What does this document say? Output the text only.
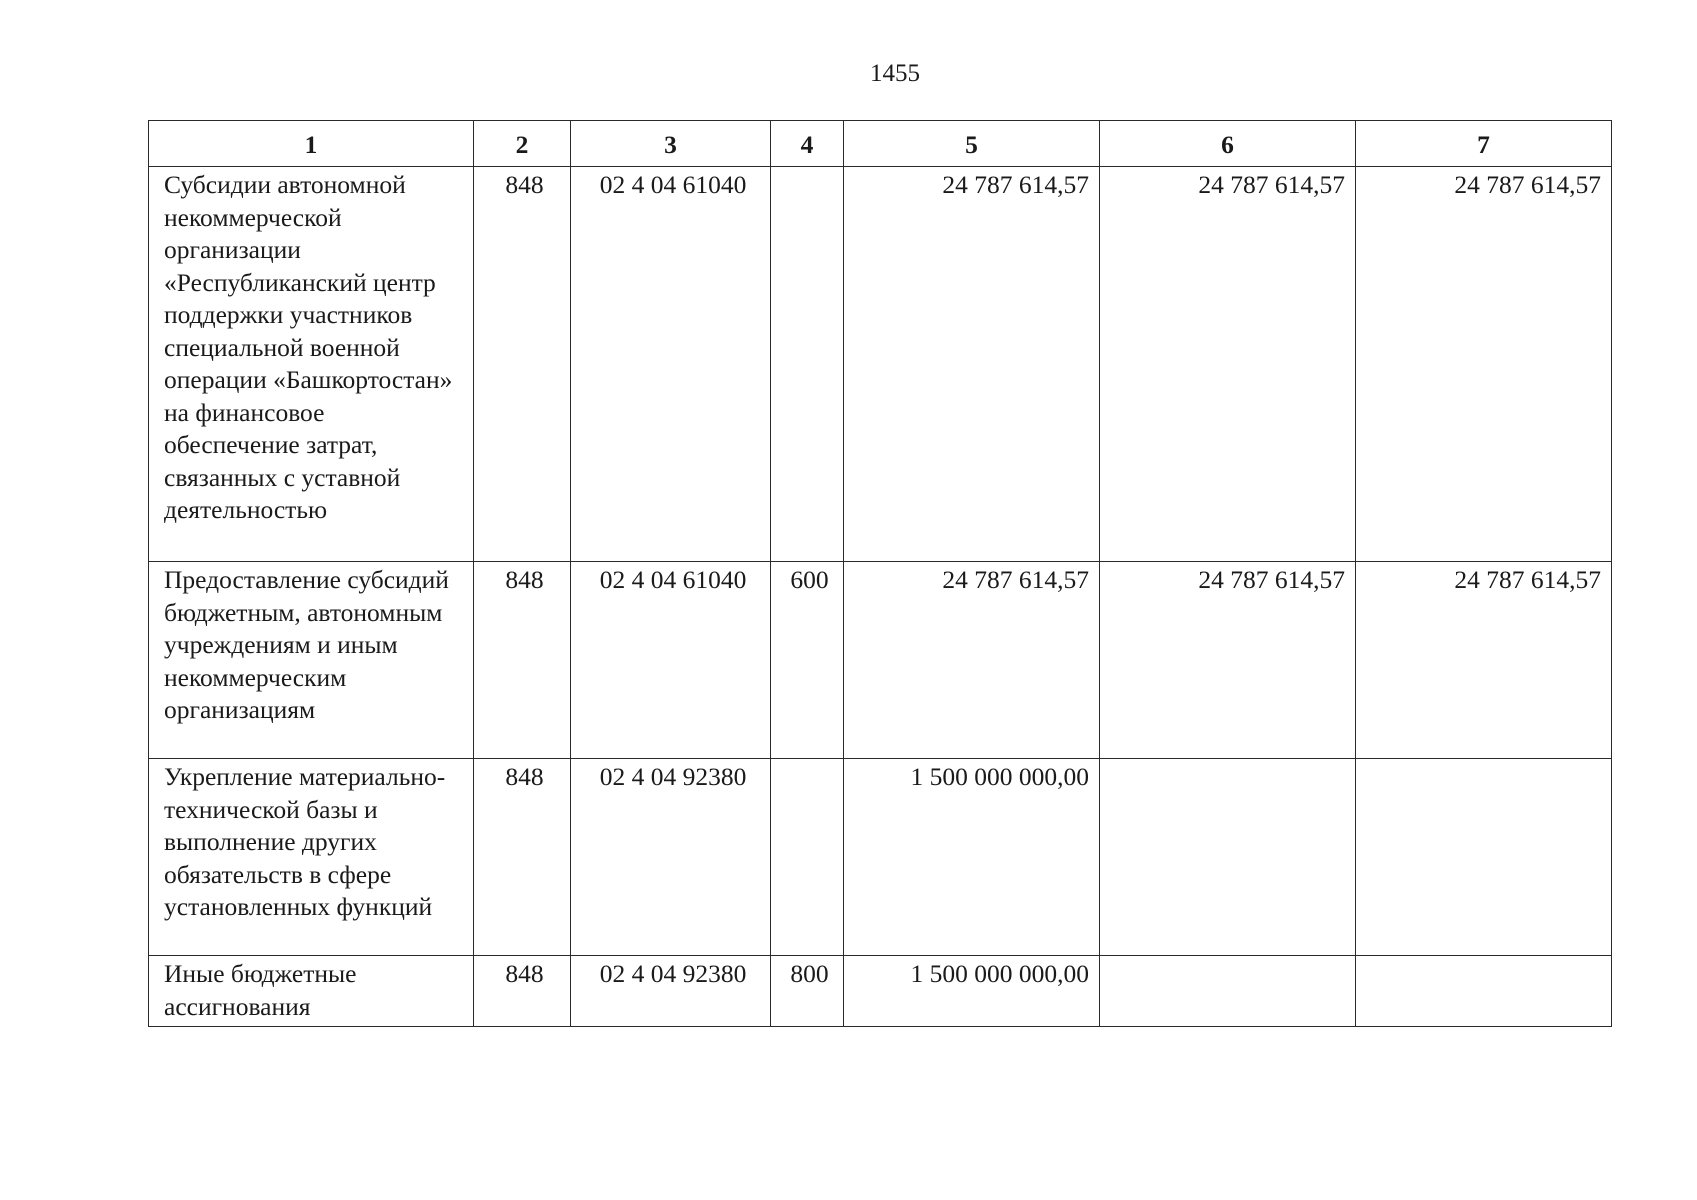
1455
1	2	3	4	5	6	7
Субсидии автономной некоммерческой организации «Республиканский центр поддержки участников специальной военной операции «Башкортостан» на финансовое обеспечение затрат, связанных с уставной деятельностью	848	02 4 04 61040		24 787 614,57	24 787 614,57	24 787 614,57
Предоставление субсидий бюджетным, автономным учреждениям и иным некоммерческим организациям	848	02 4 04 61040	600	24 787 614,57	24 787 614,57	24 787 614,57
Укрепление материально-технической базы и выполнение других обязательств в сфере установленных функций	848	02 4 04 92380		1 500 000 000,00		
Иные бюджетные ассигнования	848	02 4 04 92380	800	1 500 000 000,00		
